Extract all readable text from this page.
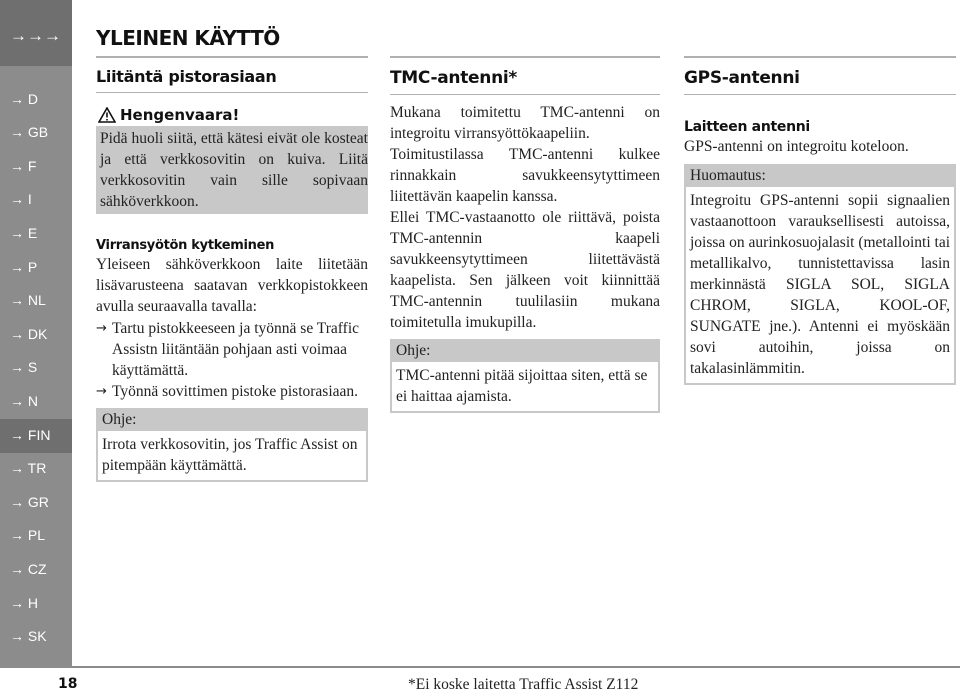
→→→
→ D
→ GB
→ F
→ I
→ E
→ P
→ NL
→ DK
→ S
→ N
→ FIN
→ TR
→ GR
→ PL
→ CZ
→ H
→ SK
YLEINEN KÄYTTÖ
Liitäntä pistorasiaan
Hengenvaara!
Pidä huoli siitä, että kätesi eivät ole kosteat ja että verkkosovitin on kuiva. Liitä verkkosovitin vain sille sopivaan sähköverkkoon.
Virransyötön kytkeminen
Yleiseen sähköverkkoon laite liitetään lisävarusteena saatavan verkkopistokkeen avulla seuraavalla tavalla:
→ Tartu pistokkeeseen ja työnnä se Traffic Assistn liitäntään pohjaan asti voimaa käyttämättä.
→ Työnnä sovittimen pistoke pistorasiaan.
Ohje:
Irrota verkkosovitin, jos Traffic Assist on pitempään käyttämättä.
TMC-antenni*
Mukana toimitettu TMC-antenni on integroitu virransyöttökaapeliin.
Toimitustilassa TMC-antenni kulkee rinnakkain savukkeensytyttimeen liitettävän kaapelin kanssa.
Ellei TMC-vastaanotto ole riittävä, poista TMC-antennin kaapeli savukkeensytyttimeen liitettävästä kaapelista. Sen jälkeen voit kiinnittää TMC-antennin tuulilasiin mukana toimitetulla imukupilla.
Ohje:
TMC-antenni pitää sijoittaa siten, että se ei haittaa ajamista.
GPS-antenni
Laitteen antenni
GPS-antenni on integroitu koteloon.
Huomautus:
Integroitu GPS-antenni sopii signaalien vastaanottoon varauksellisesti autoissa, joissa on aurinkosuojalasit (metallointi tai metallikalvo, tunnistettavissa lasin merkinnästä SIGLA SOL, SIGLA CHROM, SIGLA, KOOL-OF, SUNGATE jne.). Antenni ei myöskään sovi autoihin, joissa on takalasinlämmitin.
18	*Ei koske laitetta Traffic Assist Z112
